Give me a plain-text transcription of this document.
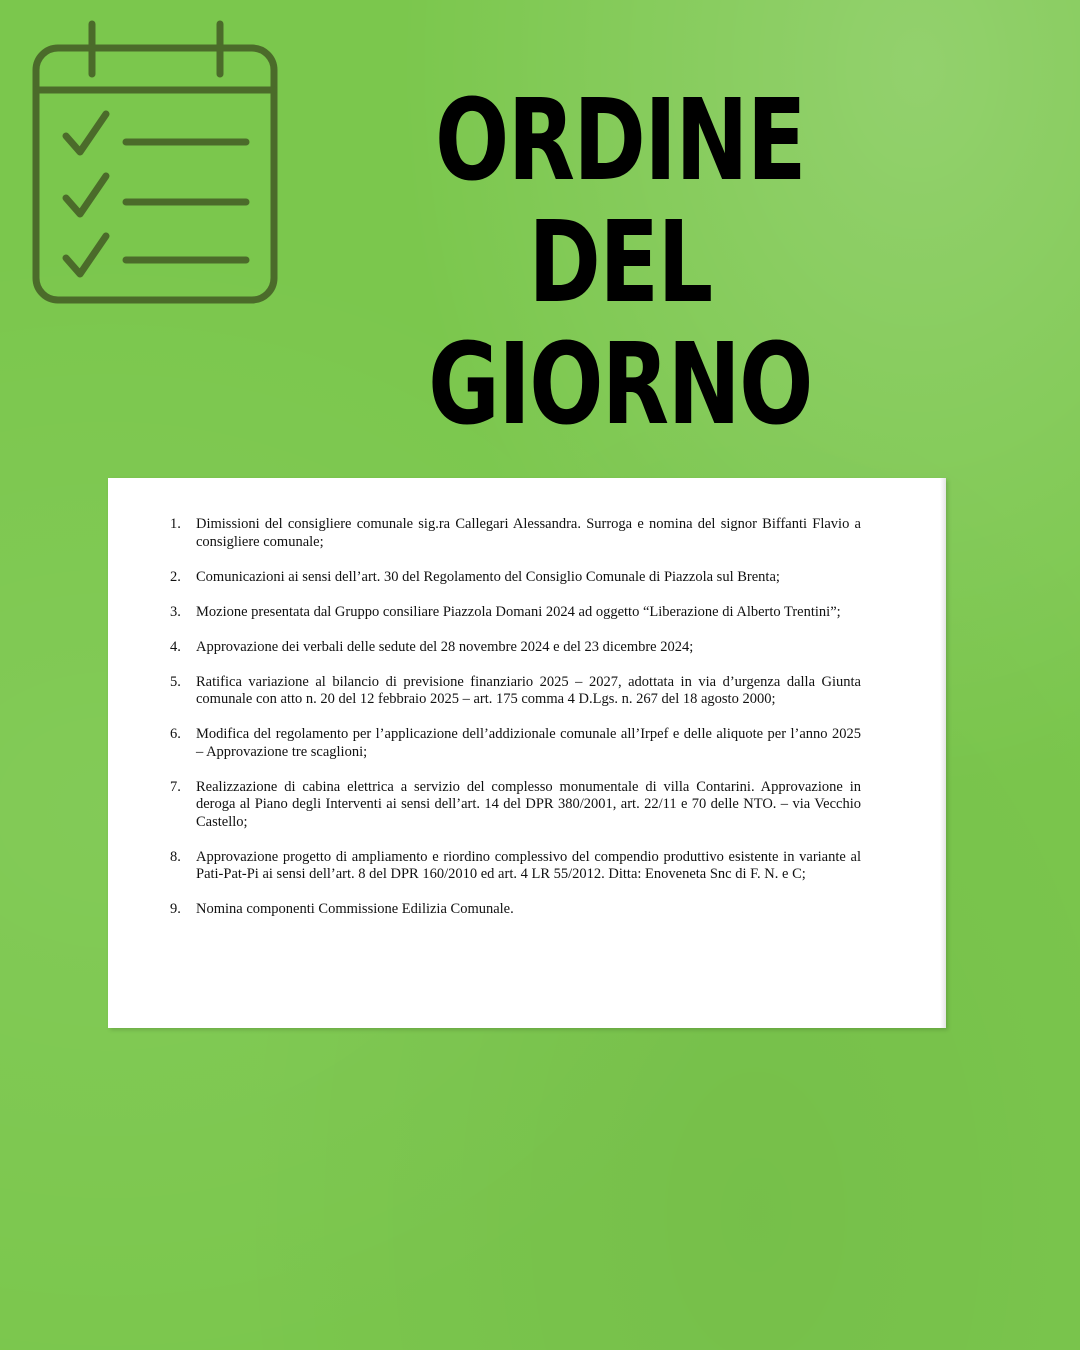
ORDINE DEL
GIORNO
1.	Dimissioni del consigliere comunale sig.ra Callegari Alessandra. Surroga e nomina del signor Biffanti Flavio a consigliere comunale;
2.	Comunicazioni ai sensi dell’art. 30 del Regolamento del Consiglio Comunale di Piazzola sul Brenta;
3.	Mozione presentata dal Gruppo consiliare Piazzola Domani 2024 ad oggetto “Liberazione di Alberto Trentini”;
4.	Approvazione dei verbali delle sedute del 28 novembre 2024 e del 23 dicembre 2024;
5.	Ratifica variazione al bilancio di previsione finanziario 2025 – 2027, adottata in via d’urgenza dalla Giunta comunale con atto n. 20 del 12 febbraio 2025 – art. 175 comma 4 D.Lgs. n. 267 del 18 agosto 2000;
6.	Modifica del regolamento per l’applicazione dell’addizionale comunale all’Irpef e delle aliquote per l’anno 2025 – Approvazione tre scaglioni;
7.	Realizzazione di cabina elettrica a servizio del complesso monumentale di villa Contarini. Approvazione in deroga al Piano degli Interventi ai sensi dell’art. 14 del DPR 380/2001, art. 22/11 e 70 delle NTO. – via Vecchio Castello;
8.	Approvazione progetto di ampliamento e riordino complessivo del compendio produttivo esistente in variante al Pati-Pat-Pi ai sensi dell’art. 8 del DPR 160/2010 ed art. 4 LR 55/2012. Ditta: Enoveneta Snc di F. N. e C;
9.	Nomina componenti Commissione Edilizia Comunale.
